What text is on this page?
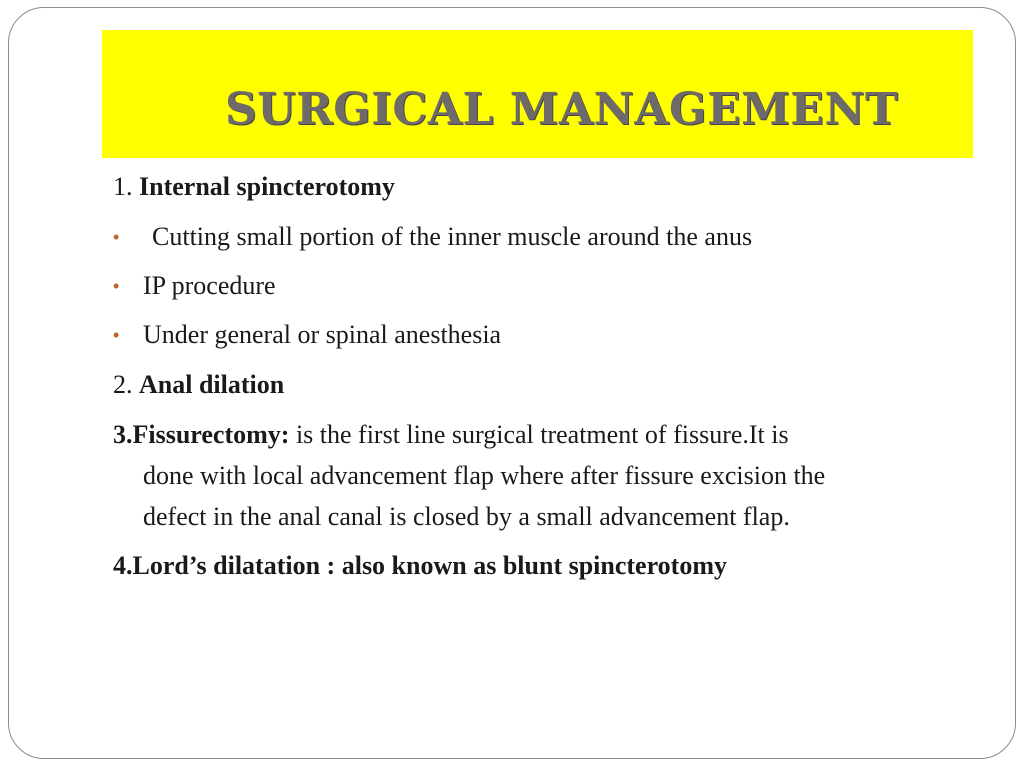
SURGICAL MANAGEMENT
1. Internal spincterotomy
• Cutting small portion of the inner muscle around the anus
• IP procedure
• Under general or spinal anesthesia
2. Anal dilation
3.Fissurectomy: is the first line surgical treatment of fissure.It is
done with local advancement flap where after fissure excision the
defect in the anal canal is closed by a small advancement flap.
4.Lord’s dilatation : also known as blunt spincterotomy
